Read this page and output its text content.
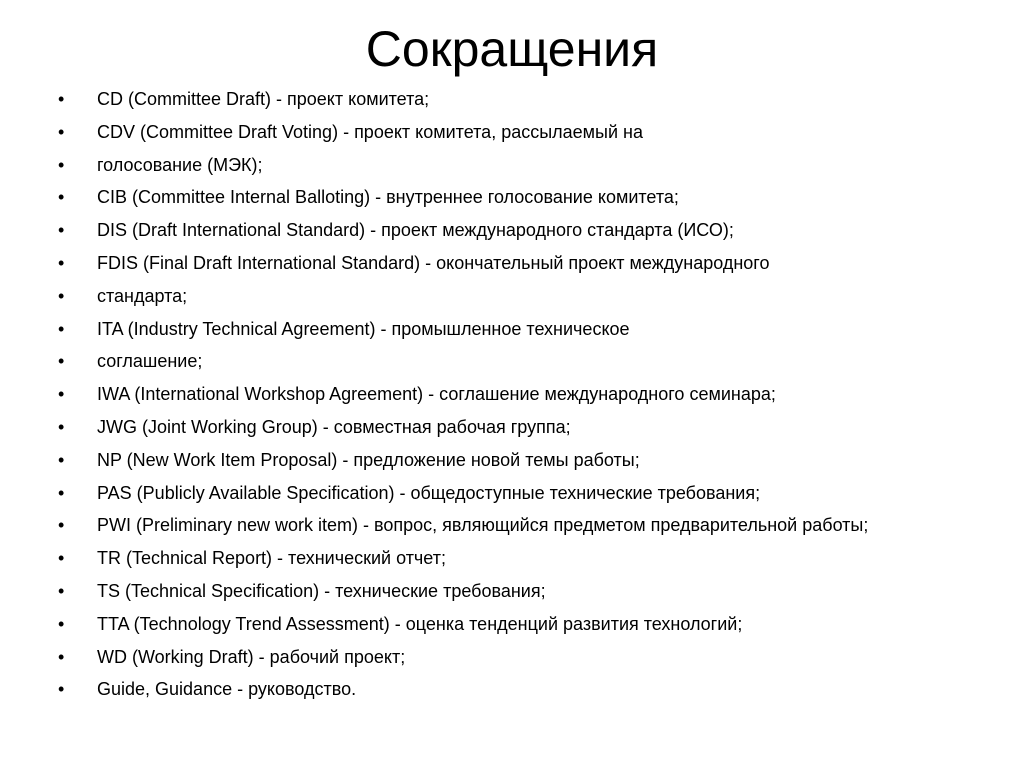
Сокращения
• CD (Committee Draft) - проект комитета;
• CDV (Committee Draft Voting) - проект комитета, рассылаемый на
• голосование (МЭК);
• CIB (Committee Internal Balloting) - внутреннее голосование комитета;
• DIS (Draft International Standard) - проект международного стандарта (ИСО);
• FDIS (Final Draft International Standard) - окончательный проект международного
• стандарта;
• ITA (Industry Technical Agreement) - промышленное техническое
• соглашение;
• IWA (International Workshop Agreement) - соглашение международного семинара;
• JWG (Joint Working Group) - совместная рабочая группа;
• NP (New Work Item Proposal) - предложение новой темы работы;
• PAS (Publicly Available Specification) - общедоступные технические требования;
• PWI (Preliminary new work item) - вопрос, являющийся предметом предварительной работы;
• TR (Technical Report) - технический отчет;
• TS (Technical Specification) - технические требования;
• TTA (Technology Trend Assessment) - оценка тенденций развития технологий;
• WD (Working Draft) - рабочий проект;
• Guide, Guidance - руководство.
